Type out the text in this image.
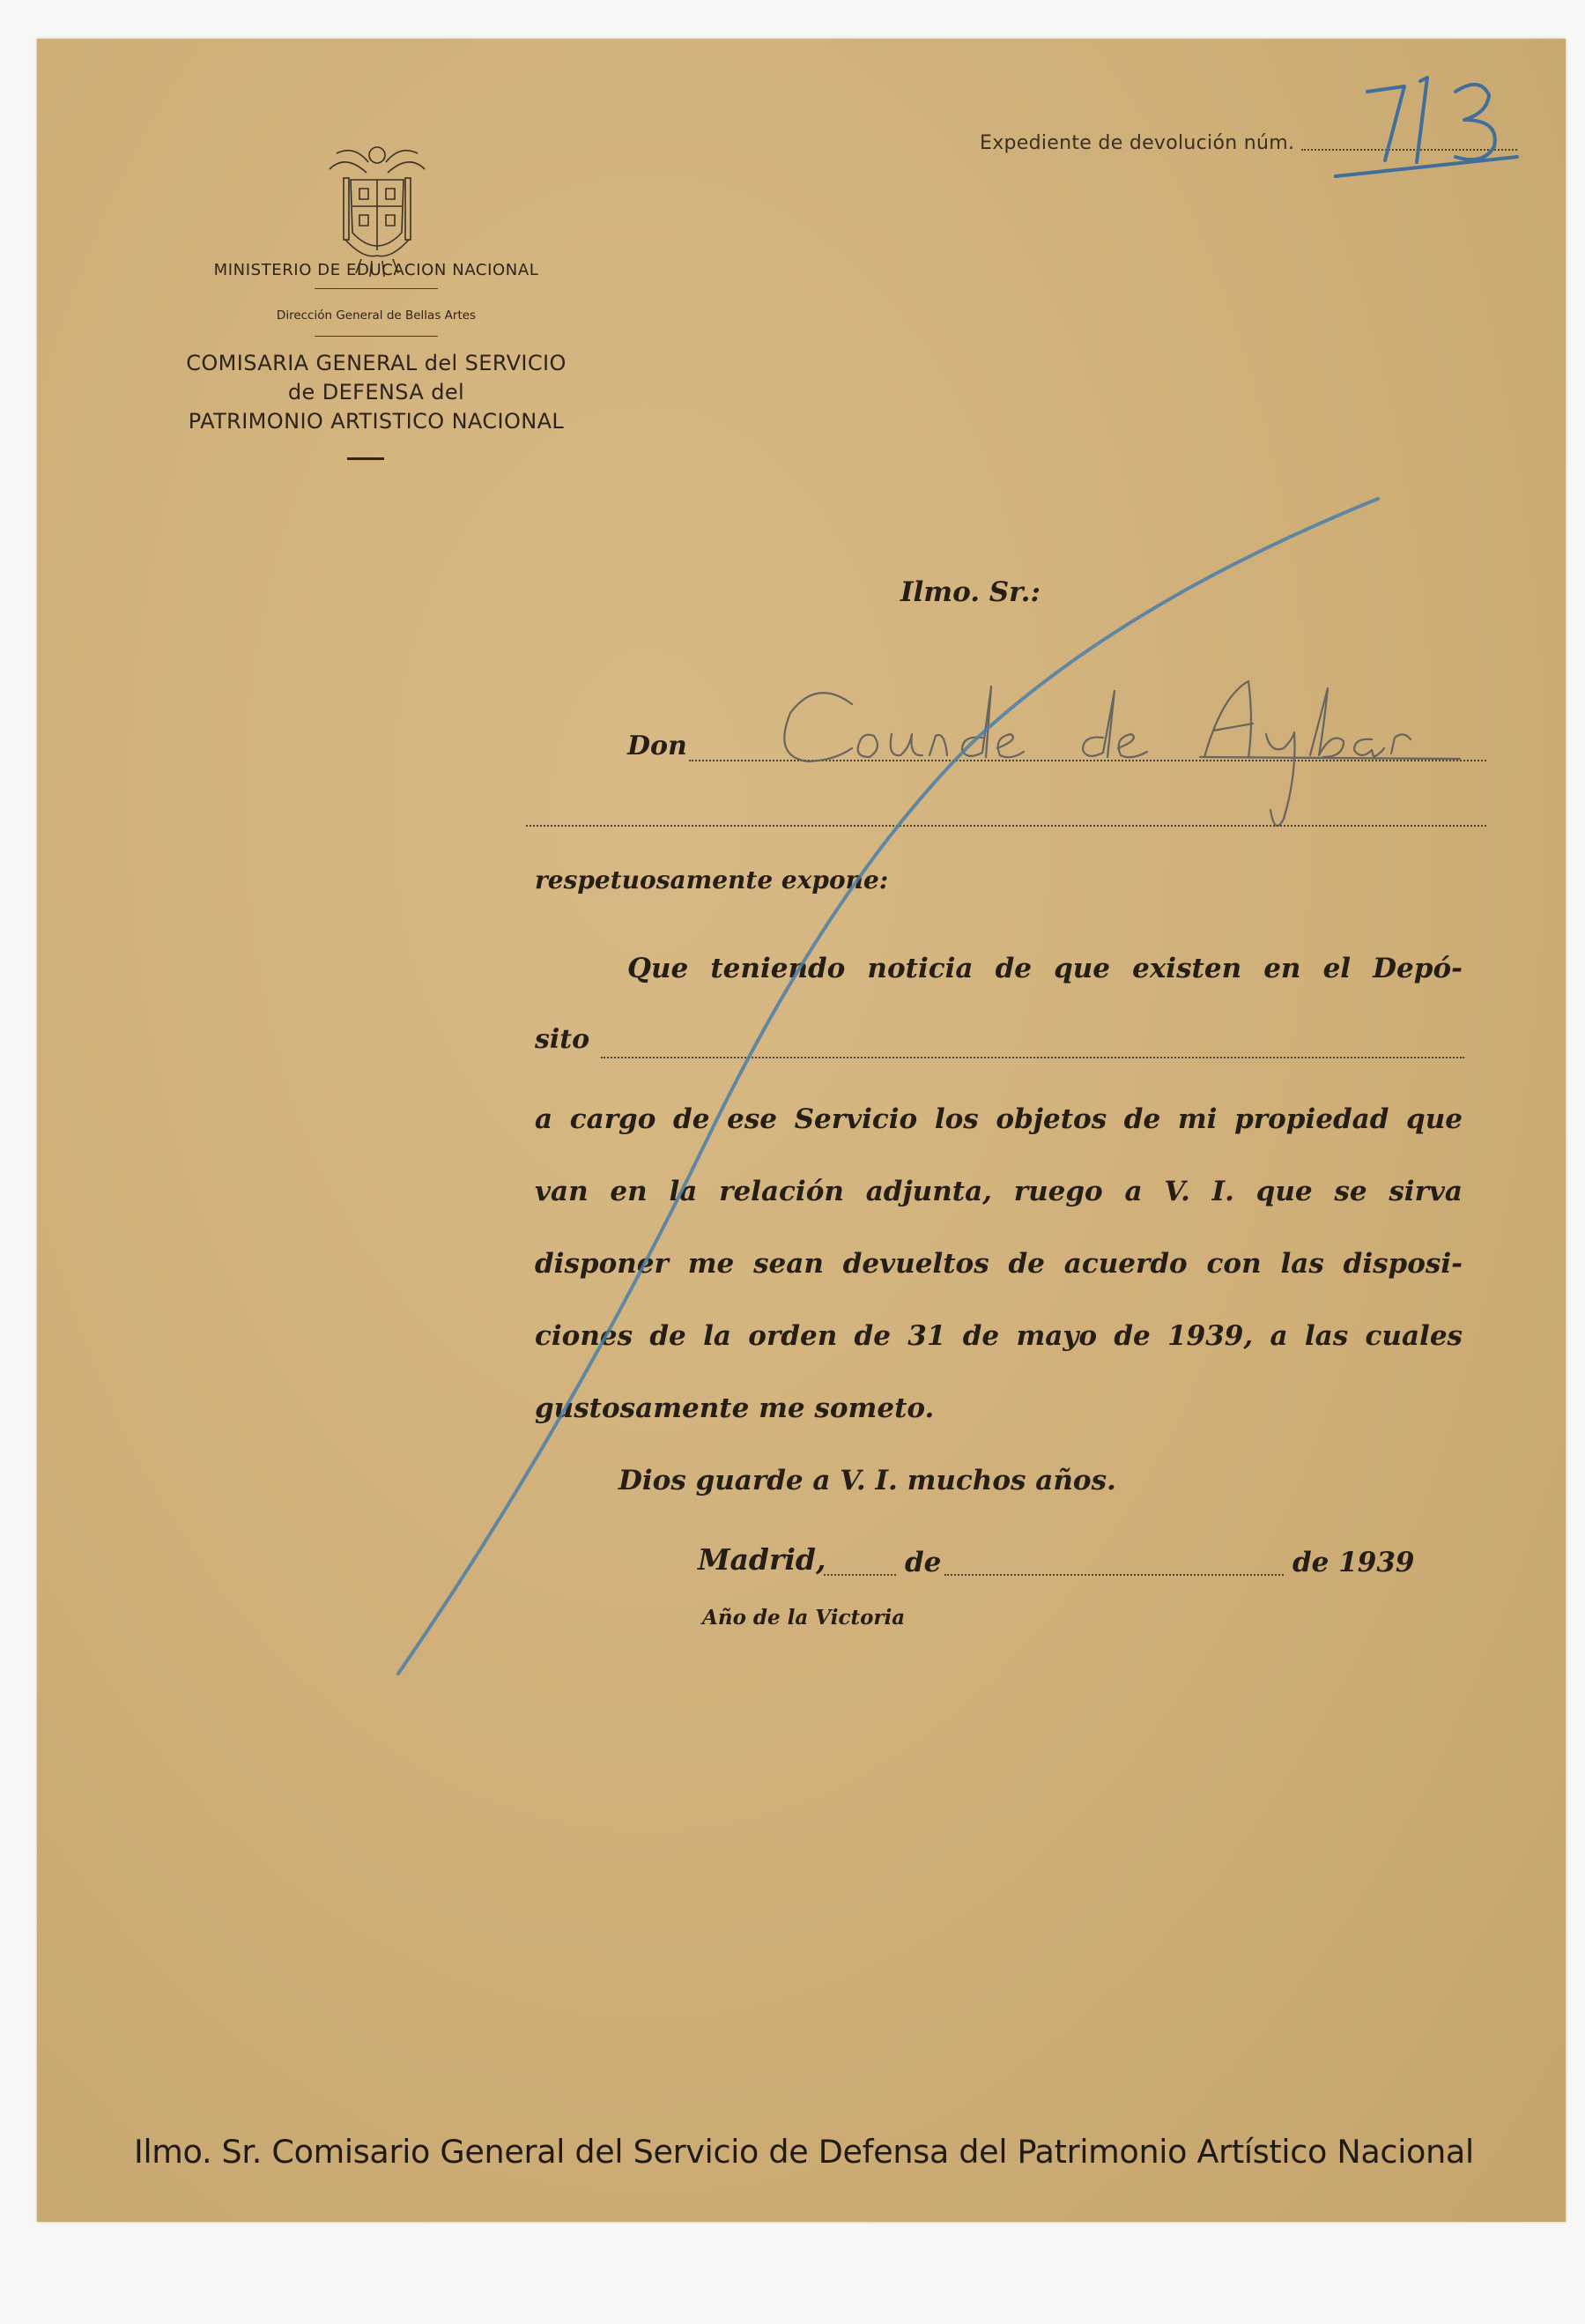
MINISTERIO DE EDUCACION NACIONAL
Dirección General de Bellas Artes
COMISARIA GENERAL del SERVICIO
de DEFENSA del
PATRIMONIO ARTISTICO NACIONAL
Expediente de devolución núm.
Ilmo. Sr.:
Don
respetuosamente expone:
Que teniendo noticia de que existen en el Depó-
sito
a cargo de ese Servicio los objetos de mi propiedad que
van en la relación adjunta, ruego a V. I. que se sirva
disponer me sean devueltos de acuerdo con las disposi-
ciones de la orden de 31 de mayo de 1939, a las cuales
gustosamente me someto.
Dios guarde a V. I. muchos años.
Madrid,	de	de 1939
Año de la Victoria
Ilmo. Sr. Comisario General del Servicio de Defensa del Patrimonio Artístico Nacional
